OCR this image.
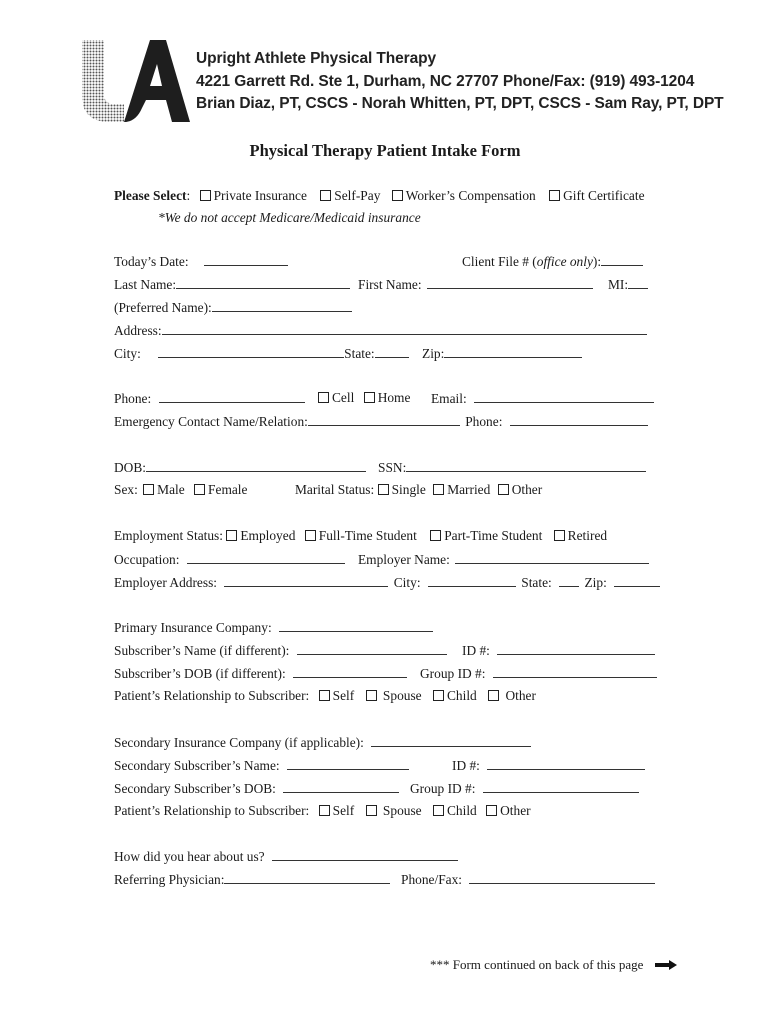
Upright Athlete Physical Therapy
4221 Garrett Rd. Ste 1, Durham, NC 27707 Phone/Fax: (919) 493-1204
Brian Diaz, PT, CSCS - Norah Whitten, PT, DPT, CSCS - Sam Ray, PT, DPT
Physical Therapy Patient Intake Form
Please Select: Private Insurance Self-Pay Worker’s Compensation Gift Certificate
*We do not accept Medicare/Medicaid insurance
Today’s Date:	Client File # (office only):
Last Name:	First Name:	MI:
(Preferred Name):
Address:
City:	State:	Zip:
Phone:	Cell Home Email:
Emergency Contact Name/Relation:	Phone:
DOB:	SSN:
Sex: Male Female	Marital Status: Single Married Other
Employment Status: Employed Full-Time Student Part-Time Student Retired
Occupation:	Employer Name:
Employer Address:	City:	State: Zip:
Primary Insurance Company:
Subscriber’s Name (if different):	ID #:
Subscriber’s DOB (if different):	Group ID #:
Patient’s Relationship to Subscriber: Self Spouse Child Other
Secondary Insurance Company (if applicable):
Secondary Subscriber’s Name:	ID #:
Secondary Subscriber’s DOB:	Group ID #:
Patient’s Relationship to Subscriber: Self Spouse Child Other
How did you hear about us?
Referring Physician:	Phone/Fax:
*** Form continued on back of this page
